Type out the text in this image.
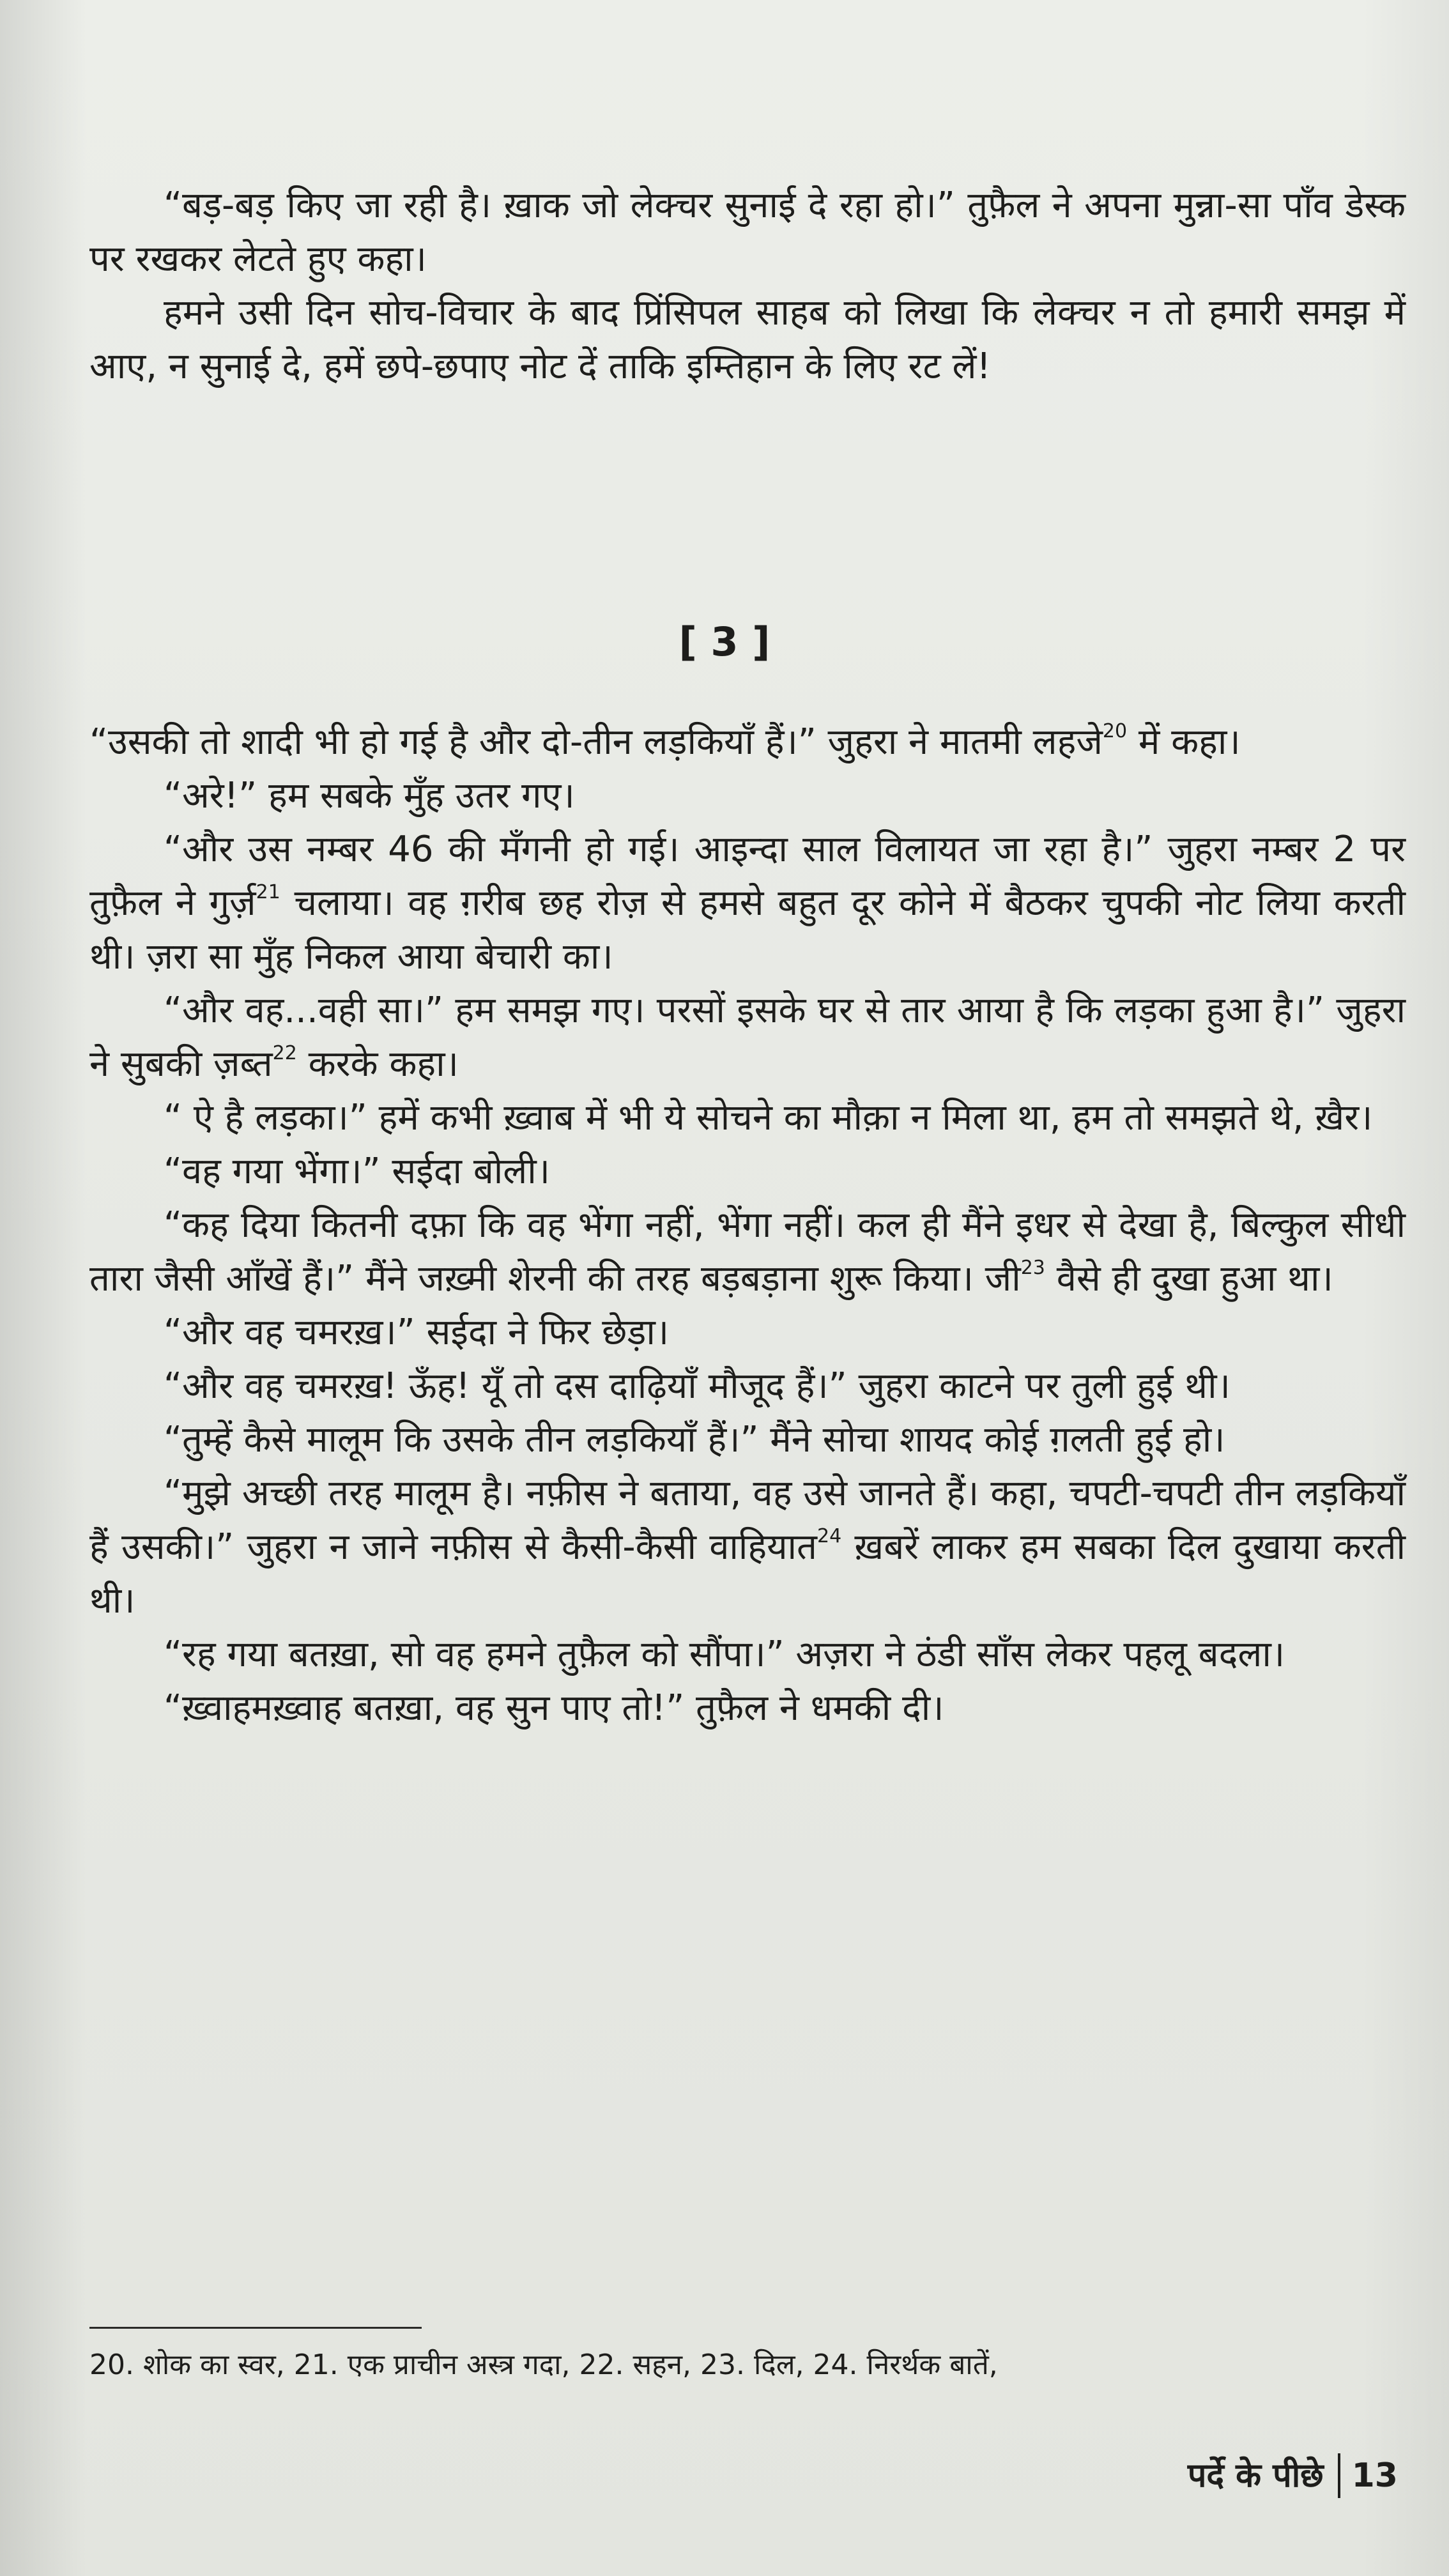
“बड़-बड़ किए जा रही है। ख़ाक जो लेक्चर सुनाई दे रहा हो।” तुफ़ैल ने अपना मुन्ना-सा पाँव डेस्क पर रखकर लेटते हुए कहा।

हमने उसी दिन सोच-विचार के बाद प्रिंसिपल साहब को लिखा कि लेक्चर न तो हमारी समझ में आए, न सुनाई दे, हमें छपे-छपाए नोट दें ताकि इम्तिहान के लिए रट लें!

[ 3 ]

“उसकी तो शादी भी हो गई है और दो-तीन लड़कियाँ हैं।” जुहरा ने मातमी लहजे$^{20}$ में कहा।

“अरे!” हम सबके मुँह उतर गए।

“और उस नम्बर 46 की मँगनी हो गई। आइन्दा साल विलायत जा रहा है।” जुहरा नम्बर 2 पर तुफ़ैल ने गुर्ज़$^{21}$ चलाया। वह ग़रीब छह रोज़ से हमसे बहुत दूर कोने में बैठकर चुपकी नोट लिया करती थी। ज़रा सा मुँह निकल आया बेचारी का।

“और वह...वही सा।” हम समझ गए। परसों इसके घर से तार आया है कि लड़का हुआ है।” जुहरा ने सुबकी ज़ब्त$^{22}$ करके कहा।

“ ऐ है लड़का।” हमें कभी ख़्वाब में भी ये सोचने का मौक़ा न मिला था, हम तो समझते थे, ख़ैर।

“वह गया भेंगा।” सईदा बोली।

“कह दिया कितनी दफ़ा कि वह भेंगा नहीं, भेंगा नहीं। कल ही मैंने इधर से देखा है, बिल्कुल सीधी तारा जैसी आँखें हैं।” मैंने जख़्मी शेरनी की तरह बड़बड़ाना शुरू किया। जी$^{23}$ वैसे ही दुखा हुआ था।

“और वह चमरख़।” सईदा ने फिर छेड़ा।

“और वह चमरख़! ऊँह! यूँ तो दस दाढ़ियाँ मौजूद हैं।” जुहरा काटने पर तुली हुई थी।

“तुम्हें कैसे मालूम कि उसके तीन लड़कियाँ हैं।” मैंने सोचा शायद कोई ग़लती हुई हो।

“मुझे अच्छी तरह मालूम है। नफ़ीस ने बताया, वह उसे जानते हैं। कहा, चपटी-चपटी तीन लड़कियाँ हैं उसकी।” जुहरा न जाने नफ़ीस से कैसी-कैसी वाहियात$^{24}$ ख़बरें लाकर हम सबका दिल दुखाया करती थी।

“रह गया बतख़ा, सो वह हमने तुफ़ैल को सौंपा।” अज़रा ने ठंडी साँस लेकर पहलू बदला।

“ख़्वाहमख़्वाह बतख़ा, वह सुन पाए तो!” तुफ़ैल ने धमकी दी।

20. शोक का स्वर, 21. एक प्राचीन अस्त्र गदा, 22. सहन, 23. दिल, 24. निरर्थक बातें,
पर्दे के पीछे 13
